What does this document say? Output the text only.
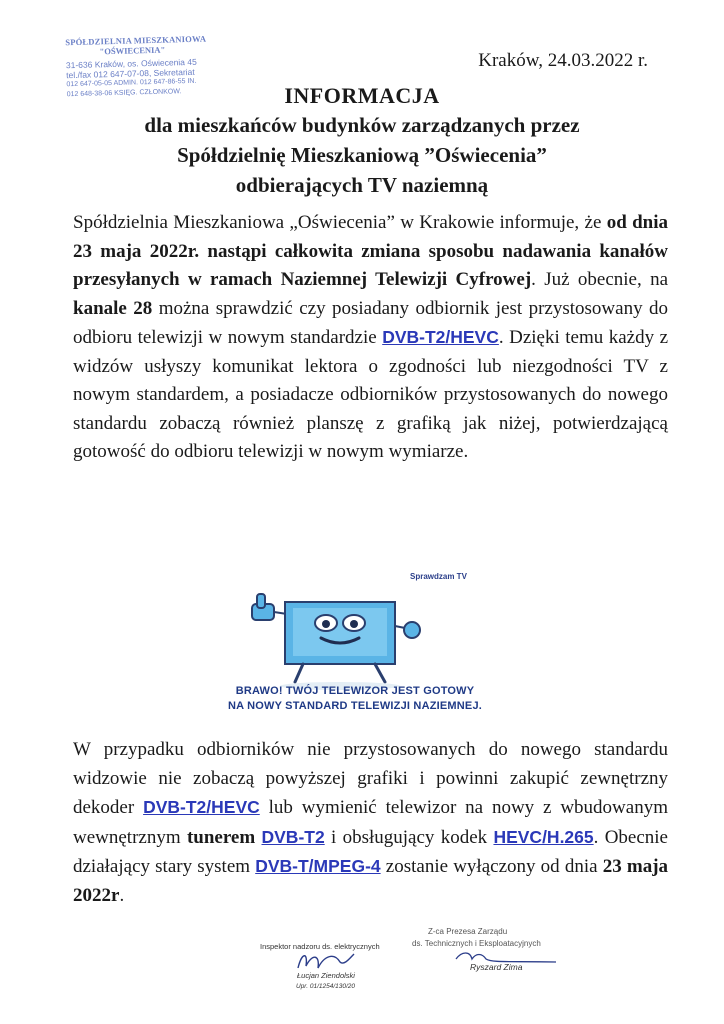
SPÓŁDZIELNIA MIESZKANIOWA
"OŚWIECENIA"
31-636 Kraków, os. Oświecenia 45
tel./fax 012 647-07-08, Sekretariat
012 647-05-05 ADMIN. 012 647-86-55 IN.
012 648-38-06 KSIĘG. CZŁONKOW.
Kraków, 24.03.2022 r.
INFORMACJA
dla mieszkańców budynków zarządzanych przez
Spółdzielnię Mieszkaniową ”Oświecenia”
odbierających TV naziemną
Spółdzielnia Mieszkaniowa „Oświecenia” w Krakowie informuje, że od dnia 23 maja 2022r. nastąpi całkowita zmiana sposobu nadawania kanałów przesyłanych w ramach Naziemnej Telewizji Cyfrowej. Już obecnie, na kanale 28 można sprawdzić czy posiadany odbiornik jest przystosowany do odbioru telewizji w nowym standardzie DVB-T2/HEVC. Dzięki temu każdy z widzów usłyszy komunikat lektora o zgodności lub niezgodności TV z nowym standardem, a posiadacze odbiorników przystosowanych do nowego standardu zobaczą również planszę z grafiką jak niżej, potwierdzającą gotowość do odbioru telewizji w nowym wymiarze.
Sprawdzam TV
BRAWO! TWÓJ TELEWIZOR JEST GOTOWY
NA NOWY STANDARD TELEWIZJI NAZIEMNEJ.
W przypadku odbiorników nie przystosowanych do nowego standardu widzowie nie zobaczą powyższej grafiki i powinni zakupić zewnętrzny dekoder DVB-T2/HEVC lub wymienić telewizor na nowy z wbudowanym wewnętrznym tunerem DVB-T2 i obsługujący kodek HEVC/H.265. Obecnie działający stary system DVB-T/MPEG-4 zostanie wyłączony od dnia 23 maja 2022r.
Inspektor nadzoru ds. elektrycznych
Łucjan Ziendolski
Upr. 01/1254/130/20
Z-ca Prezesa Zarządu
ds. Technicznych i Eksploatacyjnych
Ryszard Zima
